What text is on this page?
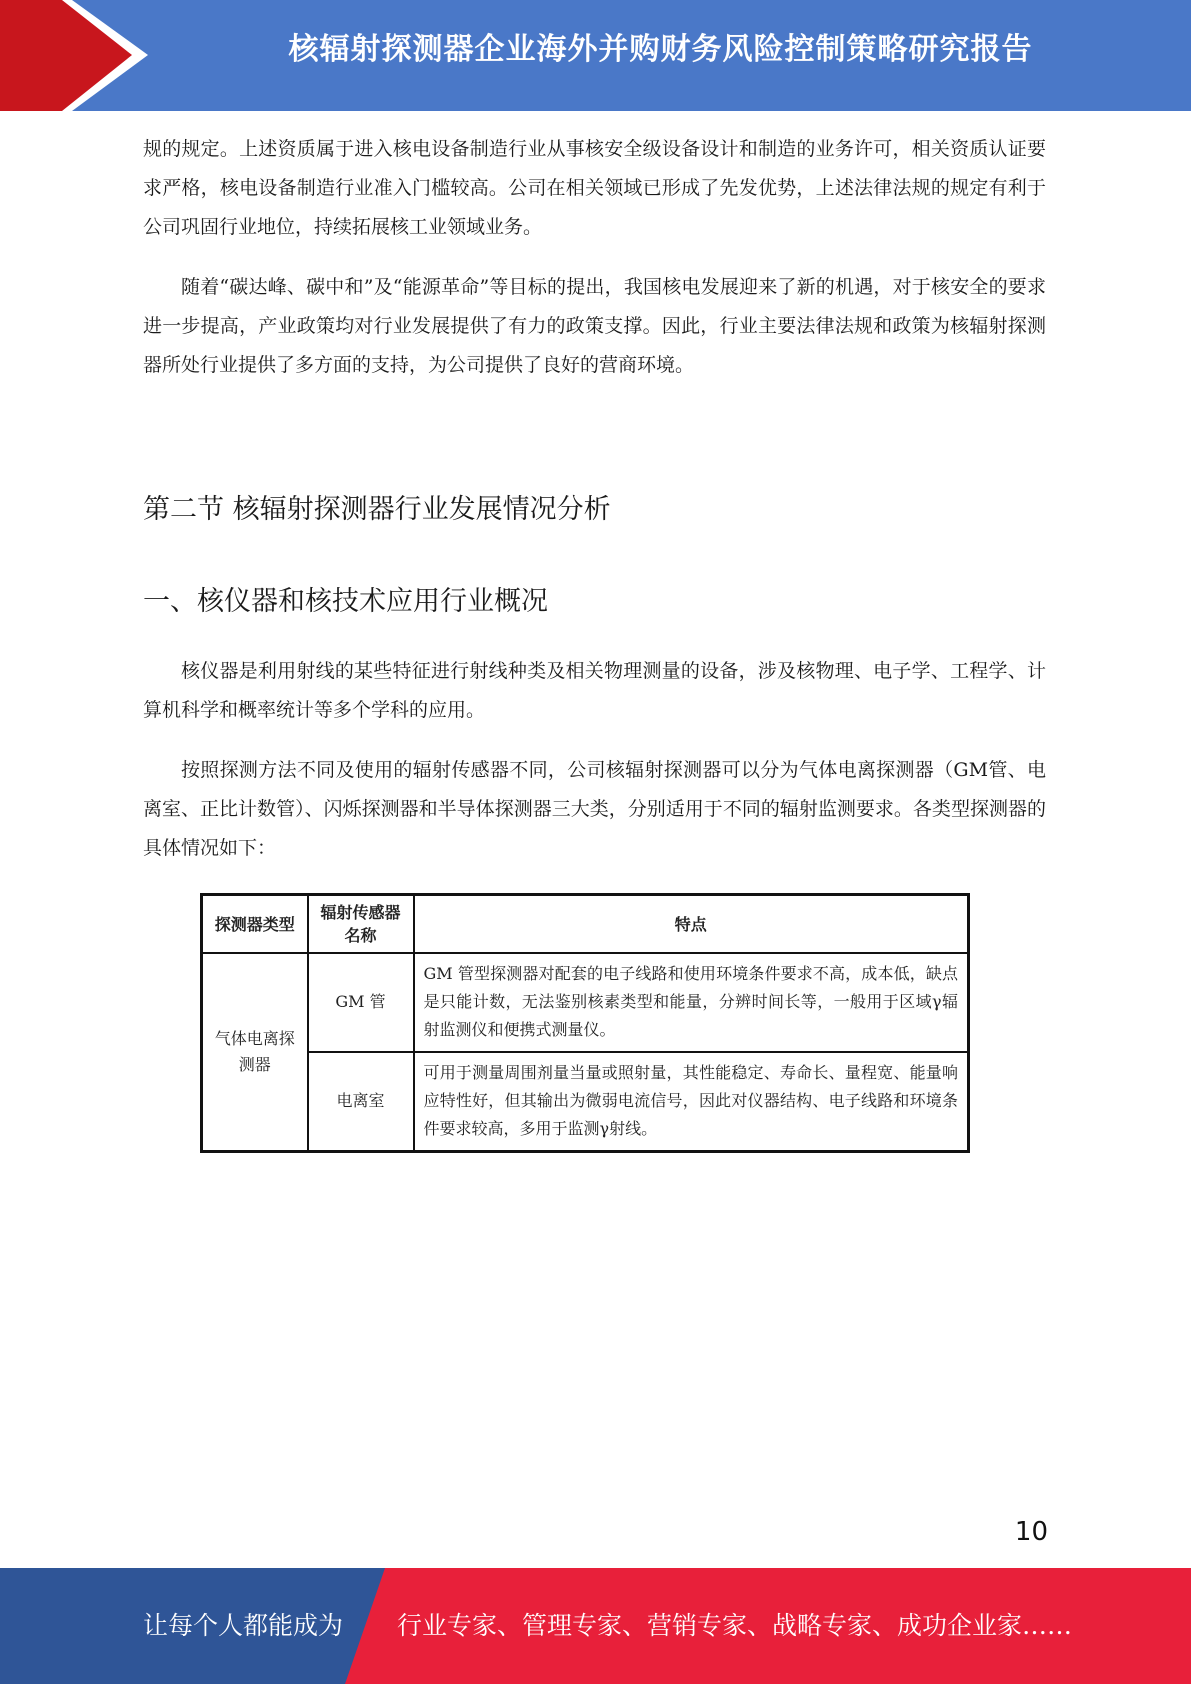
核辐射探测器企业海外并购财务风险控制策略研究报告

规的规定。上述资质属于进入核电设备制造行业从事核安全级设备设计和制造的业务许可，相关资质认证要求严格，核电设备制造行业准入门槛较高。公司在相关领域已形成了先发优势，上述法律法规的规定有利于公司巩固行业地位，持续拓展核工业领域业务。

随着“碳达峰、碳中和”及“能源革命”等目标的提出，我国核电发展迎来了新的机遇，对于核安全的要求进一步提高，产业政策均对行业发展提供了有力的政策支撑。因此，行业主要法律法规和政策为核辐射探测器所处行业提供了多方面的支持，为公司提供了良好的营商环境。

第二节 核辐射探测器行业发展情况分析
一、核仪器和核技术应用行业概况

核仪器是利用射线的某些特征进行射线种类及相关物理测量的设备，涉及核物理、电子学、工程学、计算机科学和概率统计等多个学科的应用。

按照探测方法不同及使用的辐射传感器不同，公司核辐射探测器可以分为气体电离探测器（GM管、电离室、正比计数管）、闪烁探测器和半导体探测器三大类，分别适用于不同的辐射监测要求。各类型探测器的具体情况如下：

探测器类型	辐射传感器名称	特点
气体电离探测器	GM 管	GM 管型探测器对配套的电子线路和使用环境条件要求不高，成本低，缺点是只能计数，无法鉴别核素类型和能量，分辨时间长等，一般用于区域γ辐射监测仪和便携式测量仪。
	电离室	可用于测量周围剂量当量或照射量，其性能稳定、寿命长、量程宽、能量响应特性好，但其输出为微弱电流信号，因此对仪器结构、电子线路和环境条件要求较高，多用于监测γ射线。
10
让每个人都能成为 行业专家、管理专家、营销专家、战略专家、成功企业家……
